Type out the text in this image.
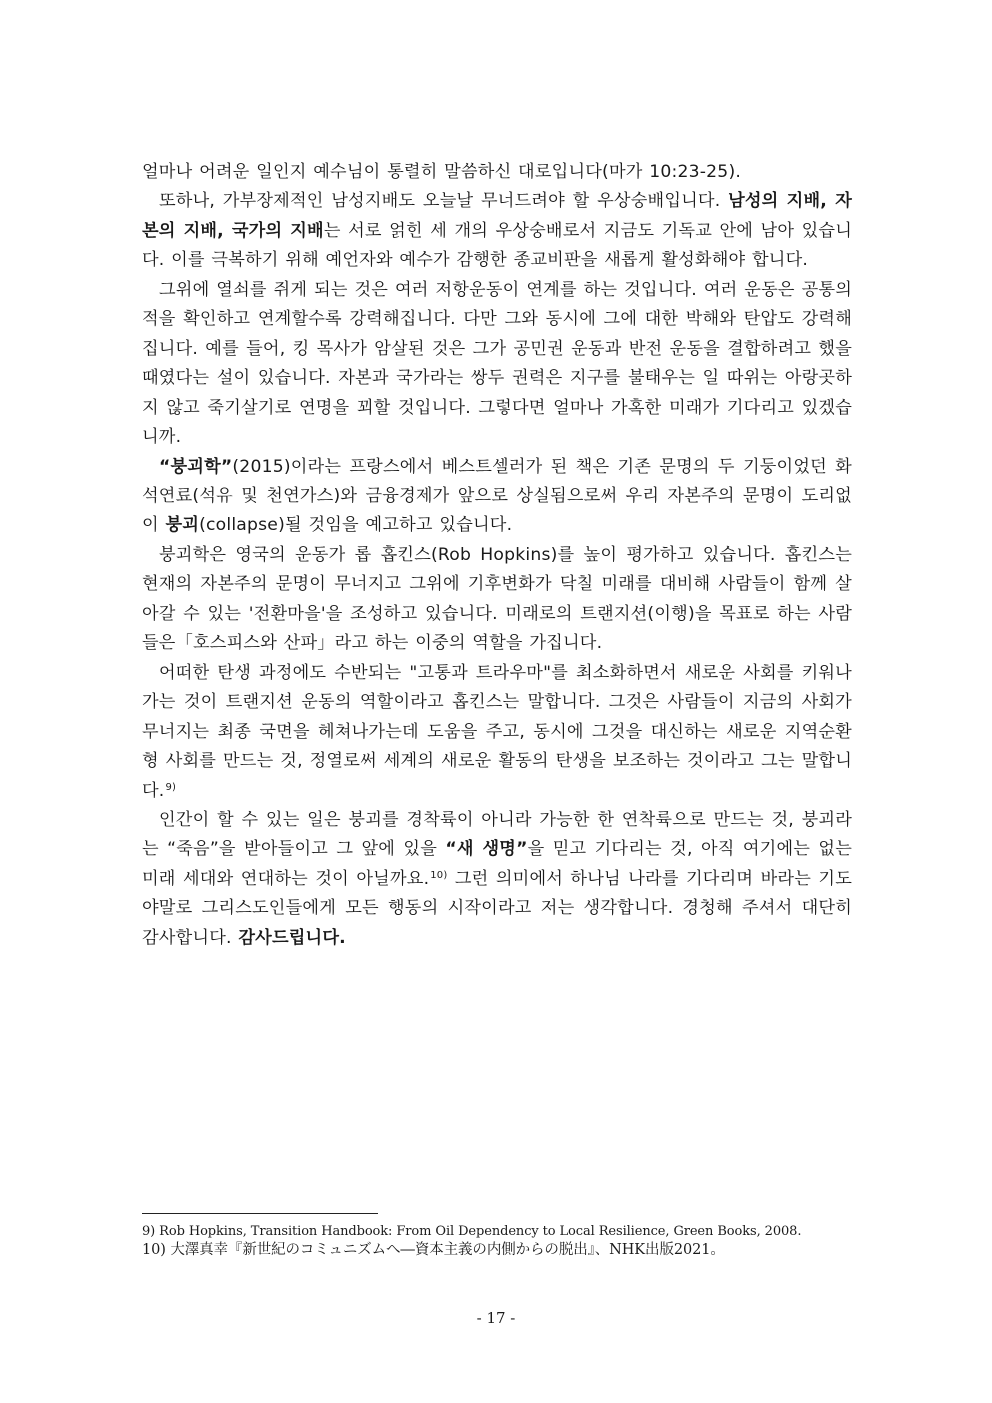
얼마나 어려운 일인지 예수님이 통렬히 말씀하신 대로입니다(마가 10:23-25).

또하나, 가부장제적인 남성지배도 오늘날 무너드려야 할 우상숭배입니다. 남성의 지배, 자본의 지배, 국가의 지배는 서로 얽힌 세 개의 우상숭배로서 지금도 기독교 안에 남아 있습니다. 이를 극복하기 위해 예언자와 예수가 감행한 종교비판을 새롭게 활성화해야 합니다.

그위에 열쇠를 쥐게 되는 것은 여러 저항운동이 연계를 하는 것입니다. 여러 운동은 공통의 적을 확인하고 연계할수록 강력해집니다. 다만 그와 동시에 그에 대한 박해와 탄압도 강력해집니다. 예를 들어, 킹 목사가 암살된 것은 그가 공민권 운동과 반전 운동을 결합하려고 했을 때였다는 설이 있습니다. 자본과 국가라는 쌍두 권력은 지구를 불태우는 일 따위는 아랑곳하지 않고 죽기살기로 연명을 꾀할 것입니다. 그렇다면 얼마나 가혹한 미래가 기다리고 있겠습니까.

“붕괴학”(2015)이라는 프랑스에서 베스트셀러가 된 책은 기존 문명의 두 기둥이었던 화석연료(석유 및 천연가스)와 금융경제가 앞으로 상실됨으로써 우리 자본주의 문명이 도리없이 붕괴(collapse)될 것임을 예고하고 있습니다.

붕괴학은 영국의 운동가 롭 홉킨스(Rob Hopkins)를 높이 평가하고 있습니다. 홉킨스는 현재의 자본주의 문명이 무너지고 그위에 기후변화가 닥칠 미래를 대비해 사람들이 함께 살아갈 수 있는 '전환마을'을 조성하고 있습니다. 미래로의 트랜지션(이행)을 목표로 하는 사람들은「호스피스와 산파」라고 하는 이중의 역할을 가집니다.

어떠한 탄생 과정에도 수반되는 "고통과 트라우마"를 최소화하면서 새로운 사회를 키워나가는 것이 트랜지션 운동의 역할이라고 홉킨스는 말합니다. 그것은 사람들이 지금의 사회가 무너지는 최종 국면을 헤쳐나가는데 도움을 주고, 동시에 그것을 대신하는 새로운 지역순환형 사회를 만드는 것, 정열로써 세계의 새로운 활동의 탄생을 보조하는 것이라고 그는 말합니다.$^{9)}$

인간이 할 수 있는 일은 붕괴를 경착륙이 아니라 가능한 한 연착륙으로 만드는 것, 붕괴라는 “죽음”을 받아들이고 그 앞에 있을 “새 생명”을 믿고 기다리는 것, 아직 여기에는 없는 미래 세대와 연대하는 것이 아닐까요.$^{10)}$ 그런 의미에서 하나님 나라를 기다리며 바라는 기도야말로 그리스도인들에게 모든 행동의 시작이라고 저는 생각합니다. 경청해 주셔서 대단히 감사합니다. 감사드립니다.

9) Rob Hopkins, Transition Handbook: From Oil Dependency to Local Resilience, Green Books, 2008.
10) 大澤真幸『新世紀のコミュニズムへ―資本主義の内側からの脱出』、NHK出版2021。
- 17 -
